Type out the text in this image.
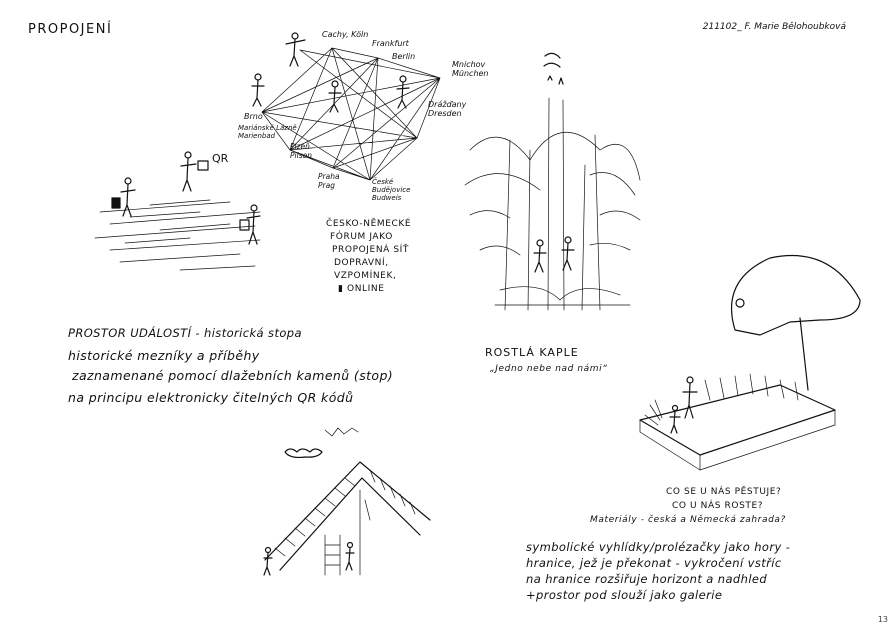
PROPOJENÍ	211102_ F. Marie Bělohoubková
QR
Cachy, Köln
Frankfurt
Berlin
Mnichov München
Drážďany Dresden
Brno
Mariánské Lázně Marienbad
Plzeň Pilsen
Praha Prag	České Budějovice Budweis
ČESKO-NĚMECKÉ
FÓRUM JAKO
PROPOJENÁ SÍŤ
DOPRAVNÍ,
VZPOMÍNEK,
▮ ONLINE
ROSTLÁ KAPLE
„Jedno nebe nad námi“
PROSTOR UDÁLOSTÍ - historická stopa
historické mezníky a příběhy
zaznamenané pomocí dlažebních kamenů (stop)
na principu elektronicky čitelných QR kódů
CO SE U NÁS PĚSTUJE?
CO U NÁS ROSTE?
Materiály - česká a Německá zahrada?
symbolické vyhlídky/prolézačky jako hory -
hranice, jež je překonat - vykročení vstříc
na hranice rozšiřuje horizont a nadhled
+prostor pod slouží jako galerie
13
